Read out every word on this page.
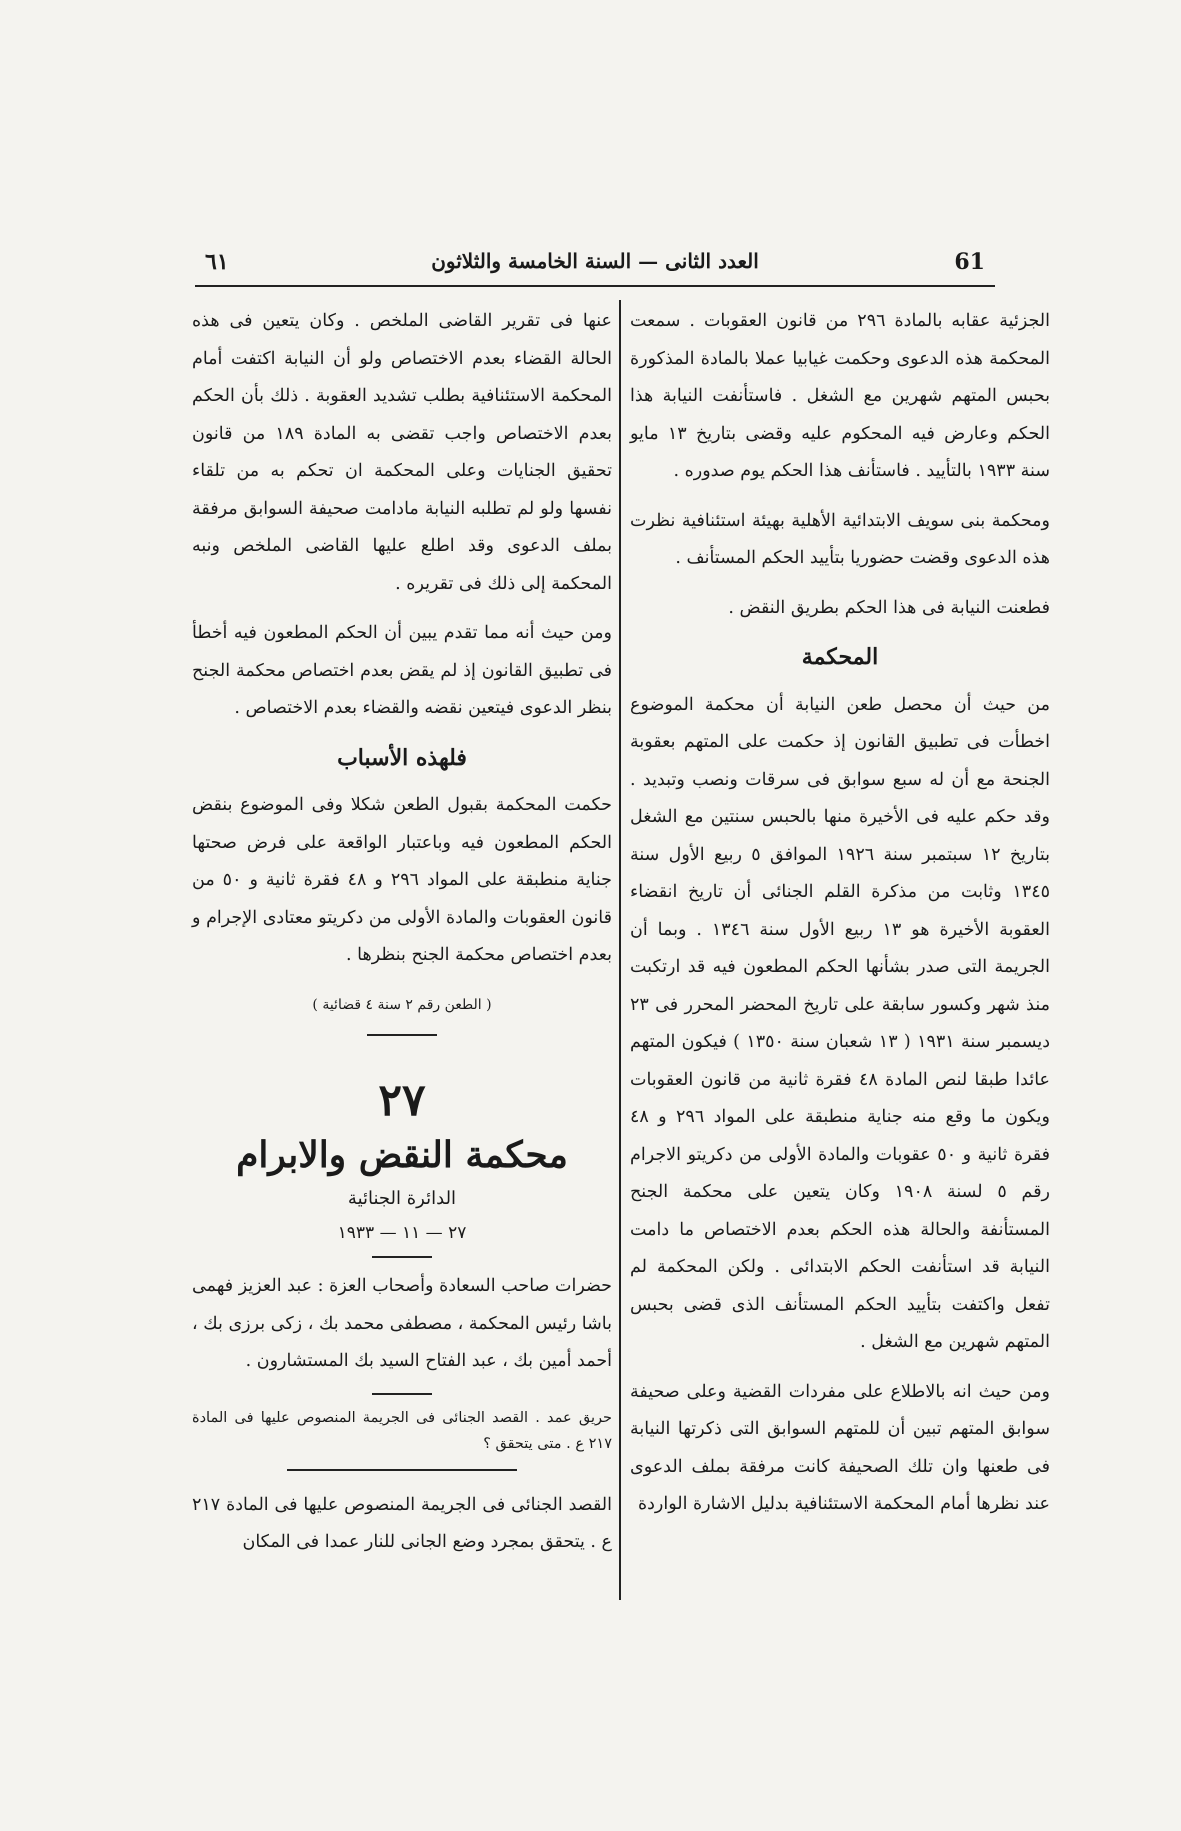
٦١	العدد الثانى — السنة الخامسة والثلاثون	61

الجزئية عقابه بالمادة ٢٩٦ من قانون العقوبات . سمعت المحكمة هذه الدعوى وحكمت غيابيا عملا بالمادة المذكورة بحبس المتهم شهرين مع الشغل . فاستأنفت النيابة هذا الحكم وعارض فيه المحكوم عليه وقضى بتاريخ ١٣ مايو سنة ١٩٣٣ بالتأييد . فاستأنف هذا الحكم يوم صدوره .

ومحكمة بنى سويف الابتدائية الأهلية بهيئة استئنافية نظرت هذه الدعوى وقضت حضوريا بتأييد الحكم المستأنف .

فطعنت النيابة فى هذا الحكم بطريق النقض .

المحكمة

من حيث أن محصل طعن النيابة أن محكمة الموضوع اخطأت فى تطبيق القانون إذ حكمت على المتهم بعقوبة الجنحة مع أن له سبع سوابق فى سرقات ونصب وتبديد . وقد حكم عليه فى الأخيرة منها بالحبس سنتين مع الشغل بتاريخ ١٢ سبتمبر سنة ١٩٢٦ الموافق ٥ ربيع الأول سنة ١٣٤٥ وثابت من مذكرة القلم الجنائى أن تاريخ انقضاء العقوبة الأخيرة هو ١٣ ربيع الأول سنة ١٣٤٦ . وبما أن الجريمة التى صدر بشأنها الحكم المطعون فيه قد ارتكبت منذ شهر وكسور سابقة على تاريخ المحضر المحرر فى ٢٣ ديسمبر سنة ١٩٣١ ( ١٣ شعبان سنة ١٣٥٠ ) فيكون المتهم عائدا طبقا لنص المادة ٤٨ فقرة ثانية من قانون العقوبات ويكون ما وقع منه جناية منطبقة على المواد ٢٩٦ و ٤٨ فقرة ثانية و ٥٠ عقوبات والمادة الأولى من دكريتو الاجرام رقم ٥ لسنة ١٩٠٨ وكان يتعين على محكمة الجنح المستأنفة والحالة هذه الحكم بعدم الاختصاص ما دامت النيابة قد استأنفت الحكم الابتدائى . ولكن المحكمة لم تفعل واكتفت بتأييد الحكم المستأنف الذى قضى بحبس المتهم شهرين مع الشغل .

ومن حيث انه بالاطلاع على مفردات القضية وعلى صحيفة سوابق المتهم تبين أن للمتهم السوابق التى ذكرتها النيابة فى طعنها وان تلك الصحيفة كانت مرفقة بملف الدعوى عند نظرها أمام المحكمة الاستئنافية بدليل الاشارة الواردة

عنها فى تقرير القاضى الملخص . وكان يتعين فى هذه الحالة القضاء بعدم الاختصاص ولو أن النيابة اكتفت أمام المحكمة الاستئنافية بطلب تشديد العقوبة . ذلك بأن الحكم بعدم الاختصاص واجب تقضى به المادة ١٨٩ من قانون تحقيق الجنايات وعلى المحكمة ان تحكم به من تلقاء نفسها ولو لم تطلبه النيابة مادامت صحيفة السوابق مرفقة بملف الدعوى وقد اطلع عليها القاضى الملخص ونبه المحكمة إلى ذلك فى تقريره .

ومن حيث أنه مما تقدم يبين أن الحكم المطعون فيه أخطأ فى تطبيق القانون إذ لم يقض بعدم اختصاص محكمة الجنح بنظر الدعوى فيتعين نقضه والقضاء بعدم الاختصاص .

فلهذه الأسباب

حكمت المحكمة بقبول الطعن شكلا وفى الموضوع بنقض الحكم المطعون فيه وباعتبار الواقعة على فرض صحتها جناية منطبقة على المواد ٢٩٦ و ٤٨ فقرة ثانية و ٥٠ من قانون العقوبات والمادة الأولى من دكريتو معتادى الإجرام و بعدم اختصاص محكمة الجنح بنظرها .

( الطعن رقم ٢ سنة ٤ قضائية )
٢٧
محكمة النقض والابرام
الدائرة الجنائية
٢٧ — ١١ — ١٩٣٣

حضرات صاحب السعادة وأصحاب العزة : عبد العزيز فهمى باشا رئيس المحكمة ، مصطفى محمد بك ، زكى برزى بك ، أحمد أمين بك ، عبد الفتاح السيد بك المستشارون .

حريق عمد . القصد الجنائى فى الجريمة المنصوص عليها فى المادة ٢١٧ ع . متى يتحقق ؟

القصد الجنائى فى الجريمة المنصوص عليها فى المادة ٢١٧ ع . يتحقق بمجرد وضع الجانى للنار عمدا فى المكان
